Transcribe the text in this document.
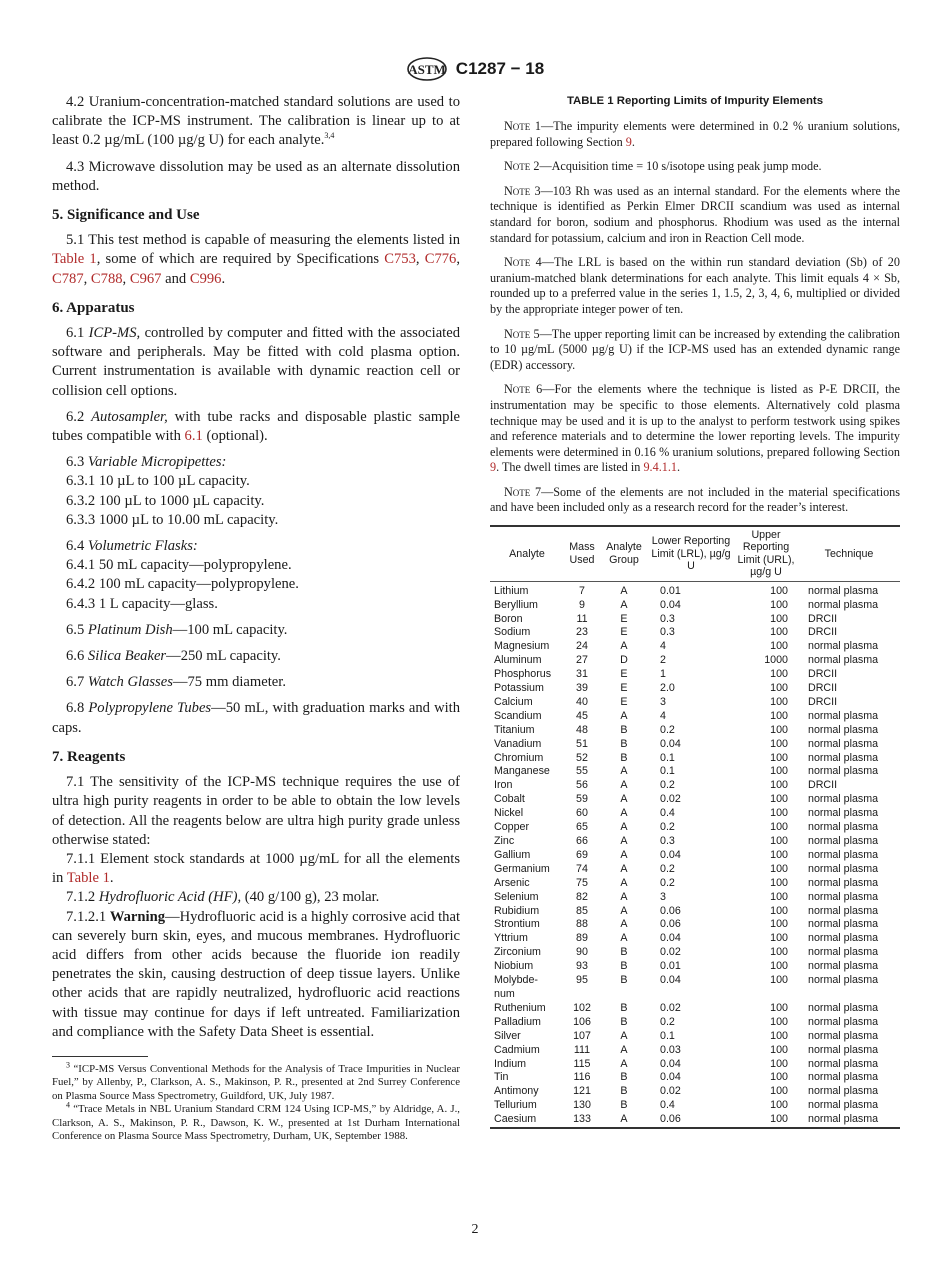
ASTM C1287 − 18

4.2 Uranium-concentration-matched standard solutions are used to calibrate the ICP-MS instrument. The calibration is linear up to at least 0.2 µg/mL (100 µg/g U) for each analyte.$^{3,4}$

4.3 Microwave dissolution may be used as an alternate dissolution method.

5. Significance and Use

5.1 This test method is capable of measuring the elements listed in Table 1, some of which are required by Specifications C753, C776, C787, C788, C967 and C996.

6. Apparatus

6.1 ICP-MS, controlled by computer and fitted with the associated software and peripherals. May be fitted with cold plasma option. Current instrumentation is available with dynamic reaction cell or collision cell options.

6.2 Autosampler, with tube racks and disposable plastic sample tubes compatible with 6.1 (optional).

6.3 Variable Micropipettes:

6.3.1 10 µL to 100 µL capacity.

6.3.2 100 µL to 1000 µL capacity.

6.3.3 1000 µL to 10.00 mL capacity.

6.4 Volumetric Flasks:

6.4.1 50 mL capacity—polypropylene.

6.4.2 100 mL capacity—polypropylene.

6.4.3 1 L capacity—glass.

6.5 Platinum Dish—100 mL capacity.

6.6 Silica Beaker—250 mL capacity.

6.7 Watch Glasses—75 mm diameter.

6.8 Polypropylene Tubes—50 mL, with graduation marks and with caps.

7. Reagents

7.1 The sensitivity of the ICP-MS technique requires the use of ultra high purity reagents in order to be able to obtain the low levels of detection. All the reagents below are ultra high purity grade unless otherwise stated:

7.1.1 Element stock standards at 1000 µg/mL for all the elements in Table 1.

7.1.2 Hydrofluoric Acid (HF), (40 g/100 g), 23 molar.

7.1.2.1 Warning—Hydrofluoric acid is a highly corrosive acid that can severely burn skin, eyes, and mucous membranes. Hydrofluoric acid differs from other acids because the fluoride ion readily penetrates the skin, causing destruction of deep tissue layers. Unlike other acids that are rapidly neutralized, hydrofluoric acid reactions with tissue may continue for days if left untreated. Familiarization and compliance with the Safety Data Sheet is essential.

$^3$ “ICP-MS Versus Conventional Methods for the Analysis of Trace Impurities in Nuclear Fuel,” by Allenby, P., Clarkson, A. S., Makinson, P. R., presented at 2nd Surrey Conference on Plasma Source Mass Spectrometry, Guildford, UK, July 1987.

$^4$ “Trace Metals in NBL Uranium Standard CRM 124 Using ICP-MS,” by Aldridge, A. J., Clarkson, A. S., Makinson, P. R., Dawson, K. W., presented at 1st Durham International Conference on Plasma Source Mass Spectrometry, Durham, UK, September 1988.

TABLE 1 Reporting Limits of Impurity Elements

Note 1—The impurity elements were determined in 0.2 % uranium solutions, prepared following Section 9.

Note 2—Acquisition time = 10 s/isotope using peak jump mode.

Note 3—103 Rh was used as an internal standard. For the elements where the technique is identified as Perkin Elmer DRCII scandium was used as internal standard for boron, sodium and phosphorus. Rhodium was used as the internal standard for potassium, calcium and iron in Reaction Cell mode.

Note 4—The LRL is based on the within run standard deviation (Sb) of 20 uranium-matched blank determinations for each analyte. This limit equals 4 × Sb, rounded up to a preferred value in the series 1, 1.5, 2, 3, 4, 6, multiplied or divided by the appropriate integer power of ten.

Note 5—The upper reporting limit can be increased by extending the calibration to 10 µg/mL (5000 µg/g U) if the ICP-MS used has an extended dynamic range (EDR) accessory.

Note 6—For the elements where the technique is listed as P-E DRCII, the instrumentation may be specific to those elements. Alternatively cold plasma technique may be used and it is up to the analyst to perform testwork using spikes and reference materials and to determine the lower reporting levels. The impurity elements were determined in 0.16 % uranium solutions, prepared following Section 9. The dwell times are listed in 9.4.1.1.

Note 7—Some of the elements are not included in the material specifications and have been included only as a research record for the reader’s interest.

Analyte	Mass Used	Analyte Group	Lower Reporting Limit (LRL), µg/g U	Upper Reporting Limit (URL), µg/g U	Technique
Lithium	7	A	0.01	100	normal plasma
Beryllium	9	A	0.04	100	normal plasma
Boron	11	E	0.3	100	DRCII
Sodium	23	E	0.3	100	DRCII
Magnesium	24	A	4	100	normal plasma
Aluminum	27	D	2	1000	normal plasma
Phosphorus	31	E	1	100	DRCII
Potassium	39	E	2.0	100	DRCII
Calcium	40	E	3	100	DRCII
Scandium	45	A	4	100	normal plasma
Titanium	48	B	0.2	100	normal plasma
Vanadium	51	B	0.04	100	normal plasma
Chromium	52	B	0.1	100	normal plasma
Manganese	55	A	0.1	100	normal plasma
Iron	56	A	0.2	100	DRCII
Cobalt	59	A	0.02	100	normal plasma
Nickel	60	A	0.4	100	normal plasma
Copper	65	A	0.2	100	normal plasma
Zinc	66	A	0.3	100	normal plasma
Gallium	69	A	0.04	100	normal plasma
Germanium	74	A	0.2	100	normal plasma
Arsenic	75	A	0.2	100	normal plasma
Selenium	82	A	3	100	normal plasma
Rubidium	85	A	0.06	100	normal plasma
Strontium	88	A	0.06	100	normal plasma
Yttrium	89	A	0.04	100	normal plasma
Zirconium	90	B	0.02	100	normal plasma
Niobium	93	B	0.01	100	normal plasma
Molybde-
num	95	B	0.04	100	normal plasma
Ruthenium	102	B	0.02	100	normal plasma
Palladium	106	B	0.2	100	normal plasma
Silver	107	A	0.1	100	normal plasma
Cadmium	111	A	0.03	100	normal plasma
Indium	115	A	0.04	100	normal plasma
Tin	116	B	0.04	100	normal plasma
Antimony	121	B	0.02	100	normal plasma
Tellurium	130	B	0.4	100	normal plasma
Caesium	133	A	0.06	100	normal plasma
2
